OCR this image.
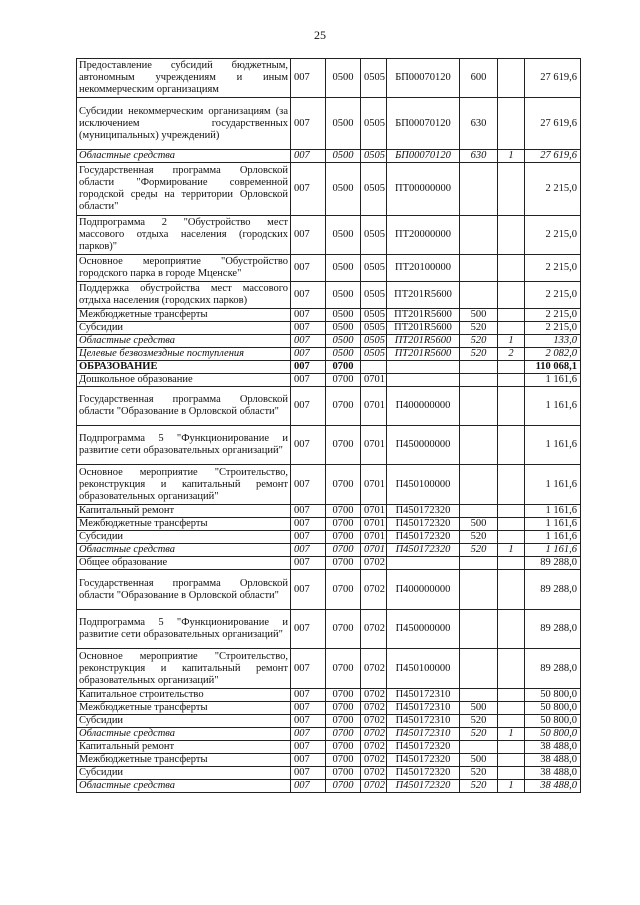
25
Предоставление субсидий бюджетным, автономным учреждениям и иным некоммерческим организациям	007	0500	0505	БП00070120	600		27 619,6
Субсидии некоммерческим организациям (за исключением государственных (муниципальных) учреждений)	007	0500	0505	БП00070120	630		27 619,6
Областные средства	007	0500	0505	БП00070120	630	1	27 619,6
Государственная программа Орловской области "Формирование современной городской среды на территории Орловской области"	007	0500	0505	ПТ00000000			2 215,0
Подпрограмма 2 "Обустройство мест массового отдыха населения (городских парков)"	007	0500	0505	ПТ20000000			2 215,0
Основное мероприятие "Обустройство городского парка в городе Мценске"	007	0500	0505	ПТ20100000			2 215,0
Поддержка обустройства мест массового отдыха населения (городских парков)	007	0500	0505	ПТ201R5600			2 215,0
Межбюджетные трансферты	007	0500	0505	ПТ201R5600	500		2 215,0
Субсидии	007	0500	0505	ПТ201R5600	520		2 215,0
Областные средства	007	0500	0505	ПТ201R5600	520	1	133,0
Целевые безвозмездные поступления	007	0500	0505	ПТ201R5600	520	2	2 082,0
ОБРАЗОВАНИЕ	007	0700					110 068,1
Дошкольное образование	007	0700	0701				1 161,6
Государственная программа Орловской области "Образование в Орловской области"	007	0700	0701	П400000000			1 161,6
Подпрограмма 5 "Функционирование и развитие сети образовательных организаций"	007	0700	0701	П450000000			1 161,6
Основное мероприятие "Строительство, реконструкция и капитальный ремонт образовательных организаций"	007	0700	0701	П450100000			1 161,6
Капитальный ремонт	007	0700	0701	П450172320			1 161,6
Межбюджетные трансферты	007	0700	0701	П450172320	500		1 161,6
Субсидии	007	0700	0701	П450172320	520		1 161,6
Областные средства	007	0700	0701	П450172320	520	1	1 161,6
Общее образование	007	0700	0702				89 288,0
Государственная программа Орловской области "Образование в Орловской области"	007	0700	0702	П400000000			89 288,0
Подпрограмма 5 "Функционирование и развитие сети образовательных организаций"	007	0700	0702	П450000000			89 288,0
Основное мероприятие "Строительство, реконструкция и капитальный ремонт образовательных организаций"	007	0700	0702	П450100000			89 288,0
Капитальное строительство	007	0700	0702	П450172310			50 800,0
Межбюджетные трансферты	007	0700	0702	П450172310	500		50 800,0
Субсидии	007	0700	0702	П450172310	520		50 800,0
Областные средства	007	0700	0702	П450172310	520	1	50 800,0
Капитальный ремонт	007	0700	0702	П450172320			38 488,0
Межбюджетные трансферты	007	0700	0702	П450172320	500		38 488,0
Субсидии	007	0700	0702	П450172320	520		38 488,0
Областные средства	007	0700	0702	П450172320	520	1	38 488,0
